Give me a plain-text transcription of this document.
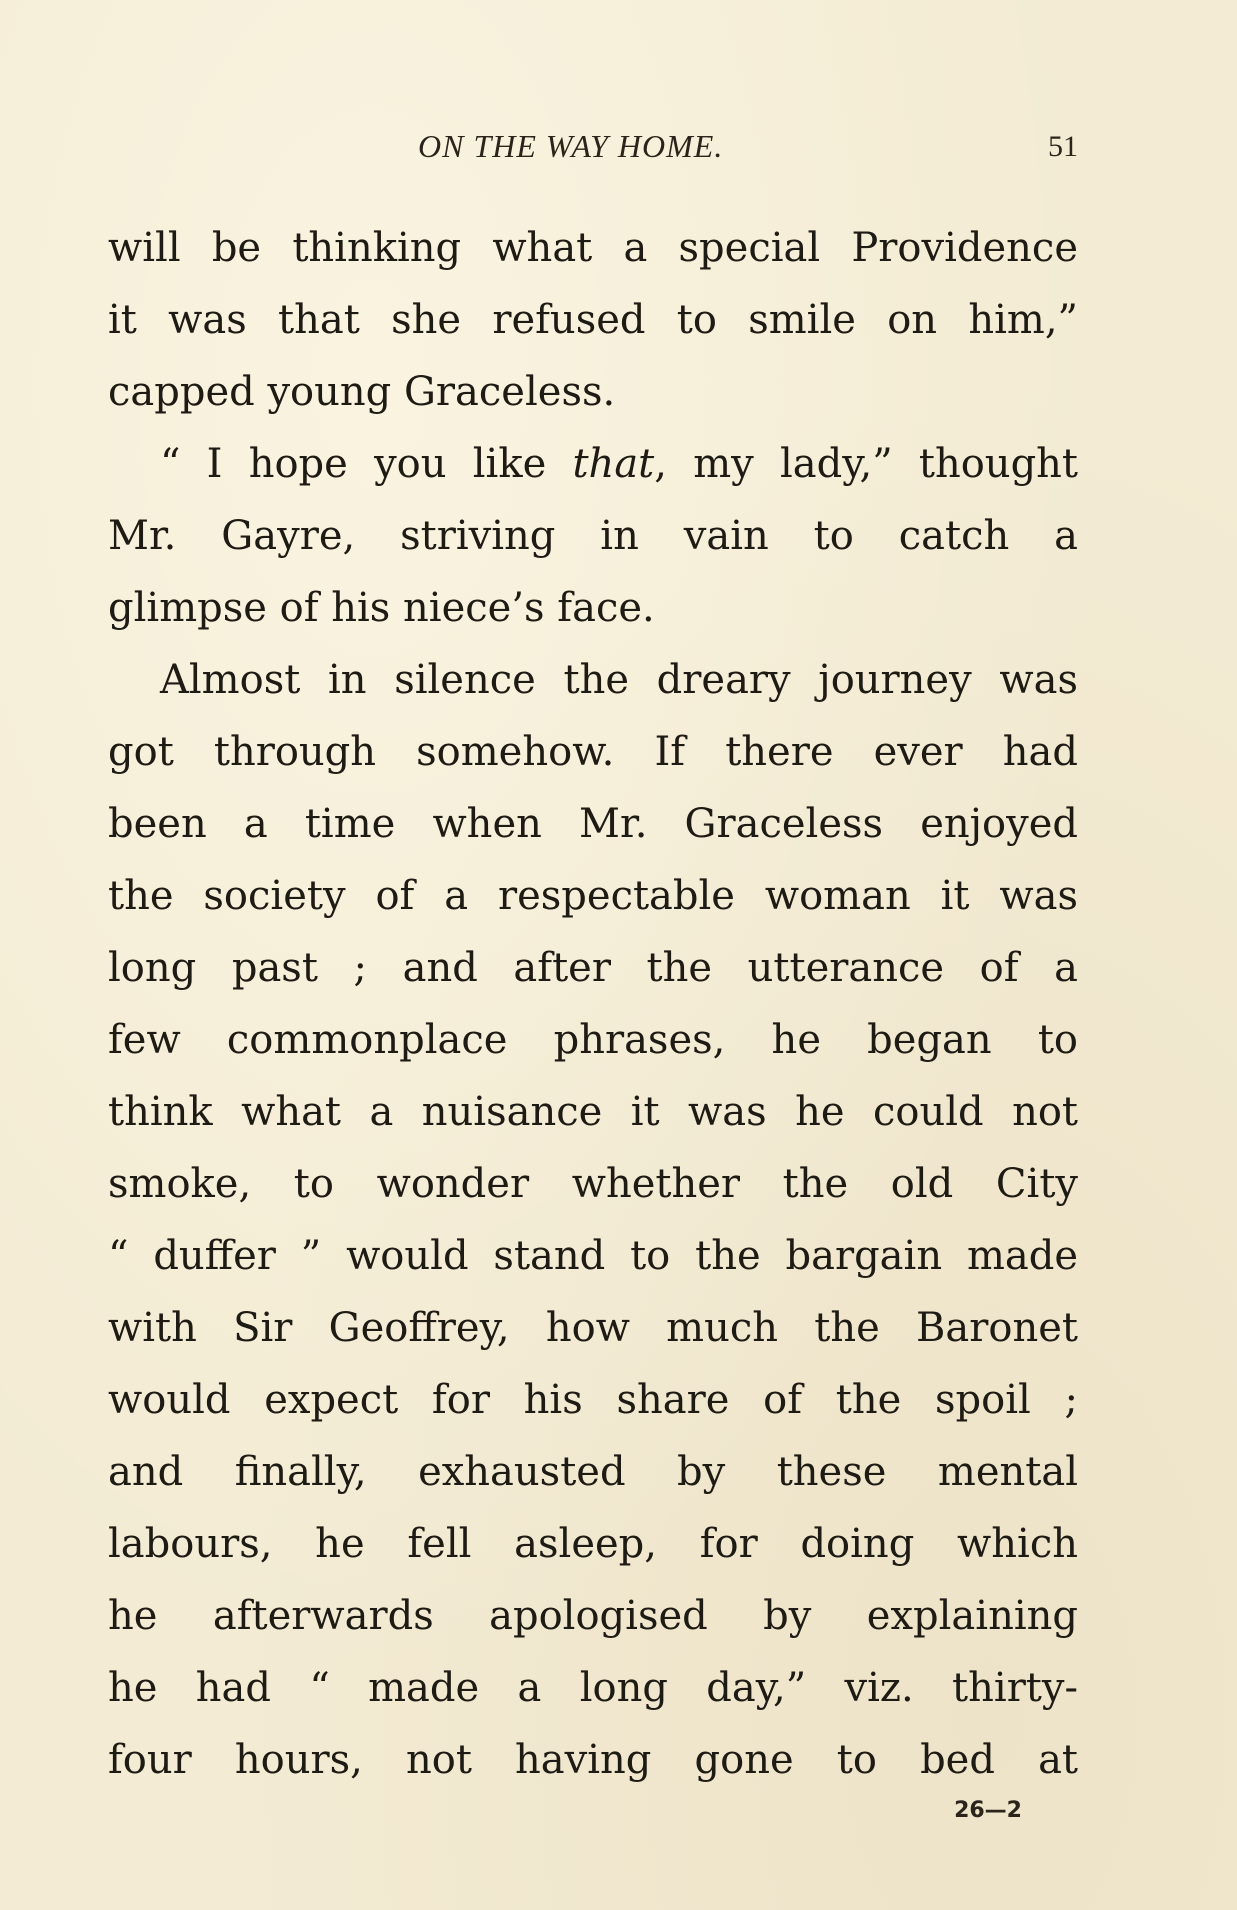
ON THE WAY HOME.	51
will be thinking what a special Providence
it was that she refused to smile on him,”
capped young Graceless.
“ I hope you like that, my lady,” thought
Mr. Gayre, striving in vain to catch a
glimpse of his niece’s face.
Almost in silence the dreary journey was
got through somehow. If there ever had
been a time when Mr. Graceless enjoyed
the society of a respectable woman it was
long past ; and after the utterance of a
few commonplace phrases, he began to
think what a nuisance it was he could not
smoke, to wonder whether the old City
“ duffer ” would stand to the bargain made
with Sir Geoffrey, how much the Baronet
would expect for his share of the spoil ;
and finally, exhausted by these mental
labours, he fell asleep, for doing which
he afterwards apologised by explaining
he had “ made a long day,” viz. thirty-
four hours, not having gone to bed at
26—2
